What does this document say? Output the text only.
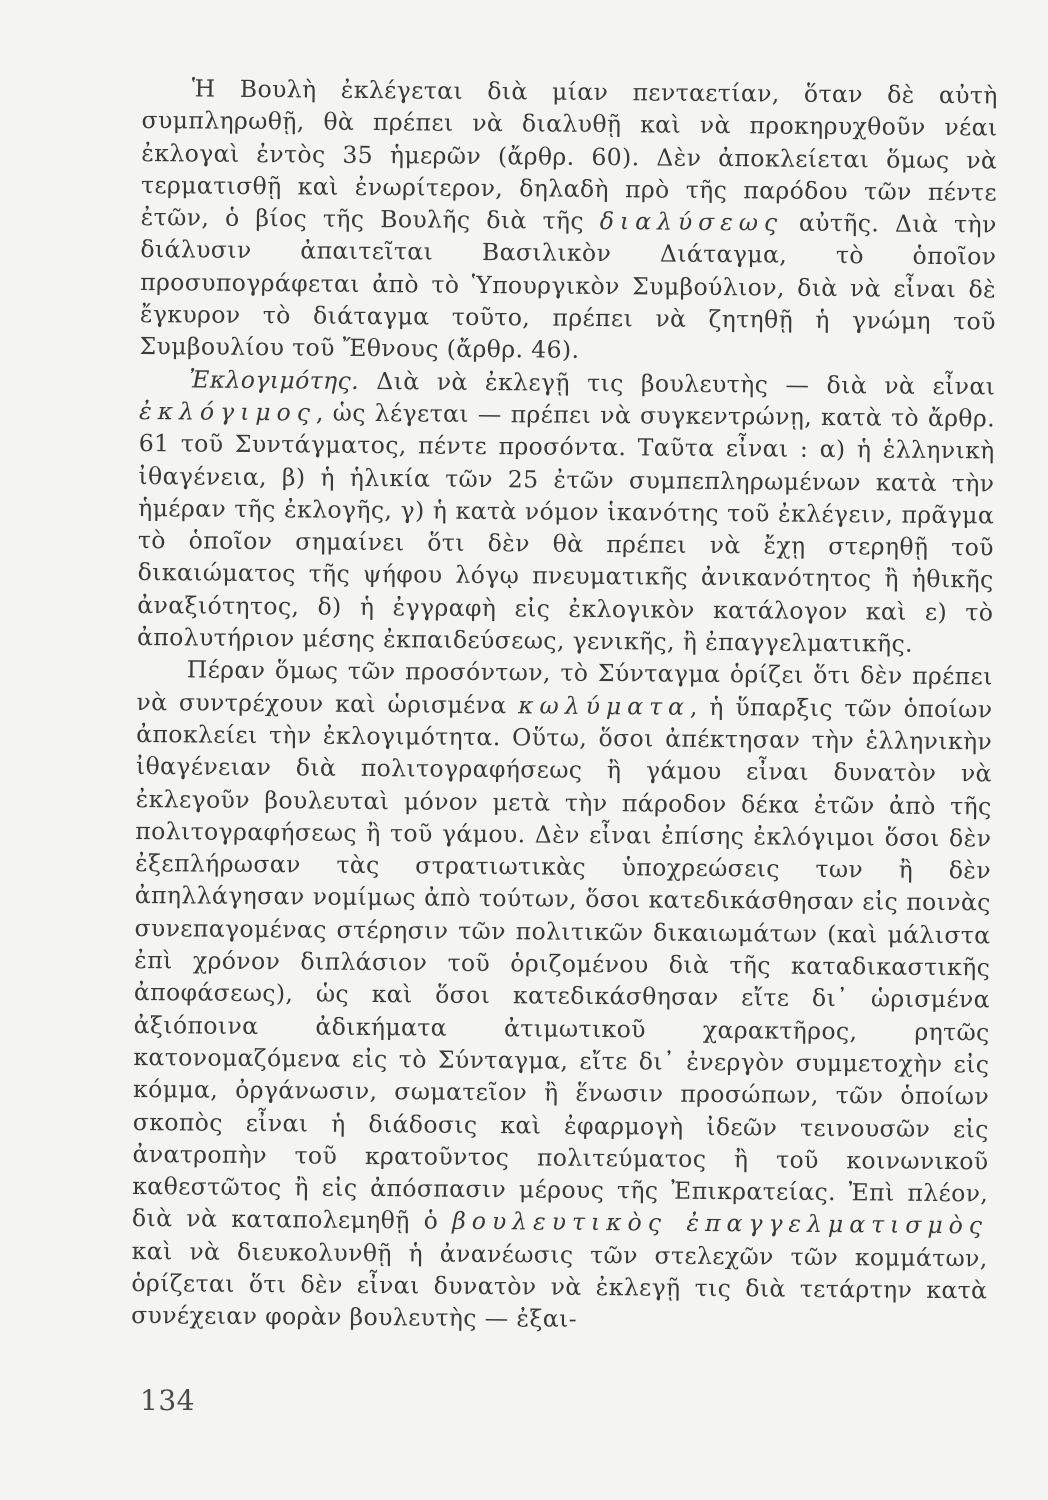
Ἡ Βουλὴ ἐκλέγεται διὰ μίαν πενταετίαν, ὅταν δὲ αὐτὴ συμπληρωθῇ, θὰ πρέπει νὰ διαλυθῇ καὶ νὰ προκηρυχθοῦν νέαι ἐκλογαὶ ἐντὸς 35 ἡμερῶν (ἄρθρ. 60). Δὲν ἀποκλείεται ὅμως νὰ τερματισθῇ καὶ ἐνωρίτερον, δηλαδὴ πρὸ τῆς παρόδου τῶν πέντε ἐτῶν, ὁ βίος τῆς Βουλῆς διὰ τῆς διαλύσεως αὐτῆς. Διὰ τὴν διάλυσιν ἀπαιτεῖται Βασιλικὸν Διάταγμα, τὸ ὁποῖον προσυπογράφεται ἀπὸ τὸ Ὑπουργικὸν Συμβούλιον, διὰ νὰ εἶναι δὲ ἔγκυρον τὸ διάταγμα τοῦτο, πρέπει νὰ ζητηθῇ ἡ γνώμη τοῦ Συμβουλίου τοῦ Ἔθνους (ἄρθρ. 46).

Ἐκλογιμότης. Διὰ νὰ ἐκλεγῇ τις βουλευτὴς — διὰ νὰ εἶναι ἐκλόγιμος, ὡς λέγεται — πρέπει νὰ συγκεντρώνῃ, κατὰ τὸ ἄρθρ. 61 τοῦ Συντάγματος, πέντε προσόντα. Ταῦτα εἶναι : α) ἡ ἑλληνικὴ ἰθαγένεια, β) ἡ ἡλικία τῶν 25 ἐτῶν συμπεπληρωμένων κατὰ τὴν ἡμέραν τῆς ἐκλογῆς, γ) ἡ κατὰ νόμον ἱκανότης τοῦ ἐκλέγειν, πρᾶγμα τὸ ὁποῖον σημαίνει ὅτι δὲν θὰ πρέπει νὰ ἔχῃ στερηθῇ τοῦ δικαιώματος τῆς ψήφου λόγῳ πνευματικῆς ἀνικανότητος ἢ ἠθικῆς ἀναξιότητος, δ) ἡ ἐγγραφὴ εἰς ἐκλογικὸν κατάλογον καὶ ε) τὸ ἀπολυτήριον μέσης ἐκπαιδεύσεως, γενικῆς, ἢ ἐπαγγελματικῆς.

Πέραν ὅμως τῶν προσόντων, τὸ Σύνταγμα ὁρίζει ὅτι δὲν πρέπει νὰ συντρέχουν καὶ ὡρισμένα κωλύματα, ἡ ὕπαρξις τῶν ὁποίων ἀποκλείει τὴν ἐκλογιμότητα. Οὕτω, ὅσοι ἀπέκτησαν τὴν ἑλληνικὴν ἰθαγένειαν διὰ πολιτογραφήσεως ἢ γάμου εἶναι δυνατὸν νὰ ἐκλεγοῦν βουλευταὶ μόνον μετὰ τὴν πάροδον δέκα ἐτῶν ἀπὸ τῆς πολιτογραφήσεως ἢ τοῦ γάμου. Δὲν εἶναι ἐπίσης ἐκλόγιμοι ὅσοι δὲν ἐξεπλήρωσαν τὰς στρατιωτικὰς ὑποχρεώσεις των ἢ δὲν ἀπηλλάγησαν νομίμως ἀπὸ τούτων, ὅσοι κατεδικάσθησαν εἰς ποινὰς συνεπαγομένας στέρησιν τῶν πολιτικῶν δικαιωμάτων (καὶ μάλιστα ἐπὶ χρόνον διπλάσιον τοῦ ὁριζομένου διὰ τῆς καταδικαστικῆς ἀποφάσεως), ὡς καὶ ὅσοι κατεδικάσθησαν εἴτε δι᾽ ὡρισμένα ἀξιόποινα ἀδικήματα ἀτιμωτικοῦ χαρακτῆρος, ρητῶς κατονομαζόμενα εἰς τὸ Σύνταγμα, εἴτε δι᾽ ἐνεργὸν συμμετοχὴν εἰς κόμμα, ὀργάνωσιν, σωματεῖον ἢ ἕνωσιν προσώπων, τῶν ὁποίων σκοπὸς εἶναι ἡ διάδοσις καὶ ἐφαρμογὴ ἰδεῶν τεινουσῶν εἰς ἀνατροπὴν τοῦ κρατοῦντος πολιτεύματος ἢ τοῦ κοινωνικοῦ καθεστῶτος ἢ εἰς ἀπόσπασιν μέρους τῆς Ἐπικρατείας. Ἐπὶ πλέον, διὰ νὰ καταπολεμηθῇ ὁ βουλευτικὸς ἐπαγγελματισμὸς καὶ νὰ διευκολυνθῇ ἡ ἀνανέωσις τῶν στελεχῶν τῶν κομμάτων, ὁρίζεται ὅτι δὲν εἶναι δυνατὸν νὰ ἐκλεγῇ τις διὰ τετάρτην κατὰ συνέχειαν φορὰν βουλευτὴς — ἐξαι-

134
